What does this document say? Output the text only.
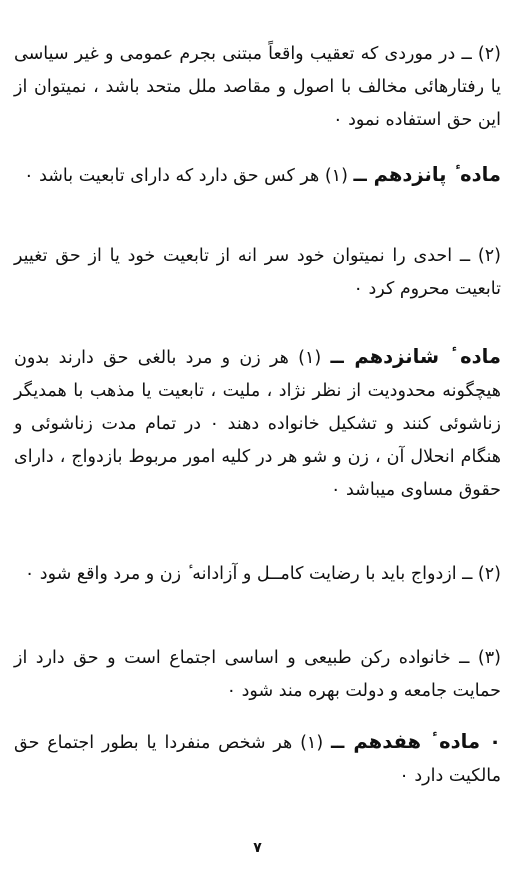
(۲) ــ در موردی که تعقیب واقعاً مبتنی بجرم عمومی و غیر سیاسی یا رفتارهائی مخالف با اصول و مقاصد ملل متحد باشد ، نمیتوان از این حق استفاده نمود ٠

ماده ٔ پانزدهم ــ (۱) هر کس حق دارد که دارای تابعیت باشد ٠

(۲) ــ احدی را نمیتوان خود سر انه از تابعیت خود یا از حق تغییر تابعیت محروم کرد ٠

ماده ٔ شانزدهم ــ (۱) هر زن و مرد بالغی حق دارند بدون هیچگونه محدودیت از نظر نژاد ، ملیت ، تابعیت یا مذهب با همدیگر زناشوئی کنند و تشکیل خانواده دهند ٠ در تمام مدت زناشوئی و هنگام انحلال آن ، زن و شو هر در کلیه امور مربوط بازدواج ، دارای حقوق مساوی میباشد ٠

(۲) ــ ازدواج باید با رضایت کامــل و آزادانه ٔ زن و مرد واقع شود ٠

(۳) ــ خانواده رکن طبیعی و اساسی اجتماع است و حق دارد از حمایت جامعه و دولت بهره مند شود ٠

٠ ماده ٔ هفدهم ــ (۱) هر شخص منفردا یا بطور اجتماع حق مالکیت دارد ٠

۷
